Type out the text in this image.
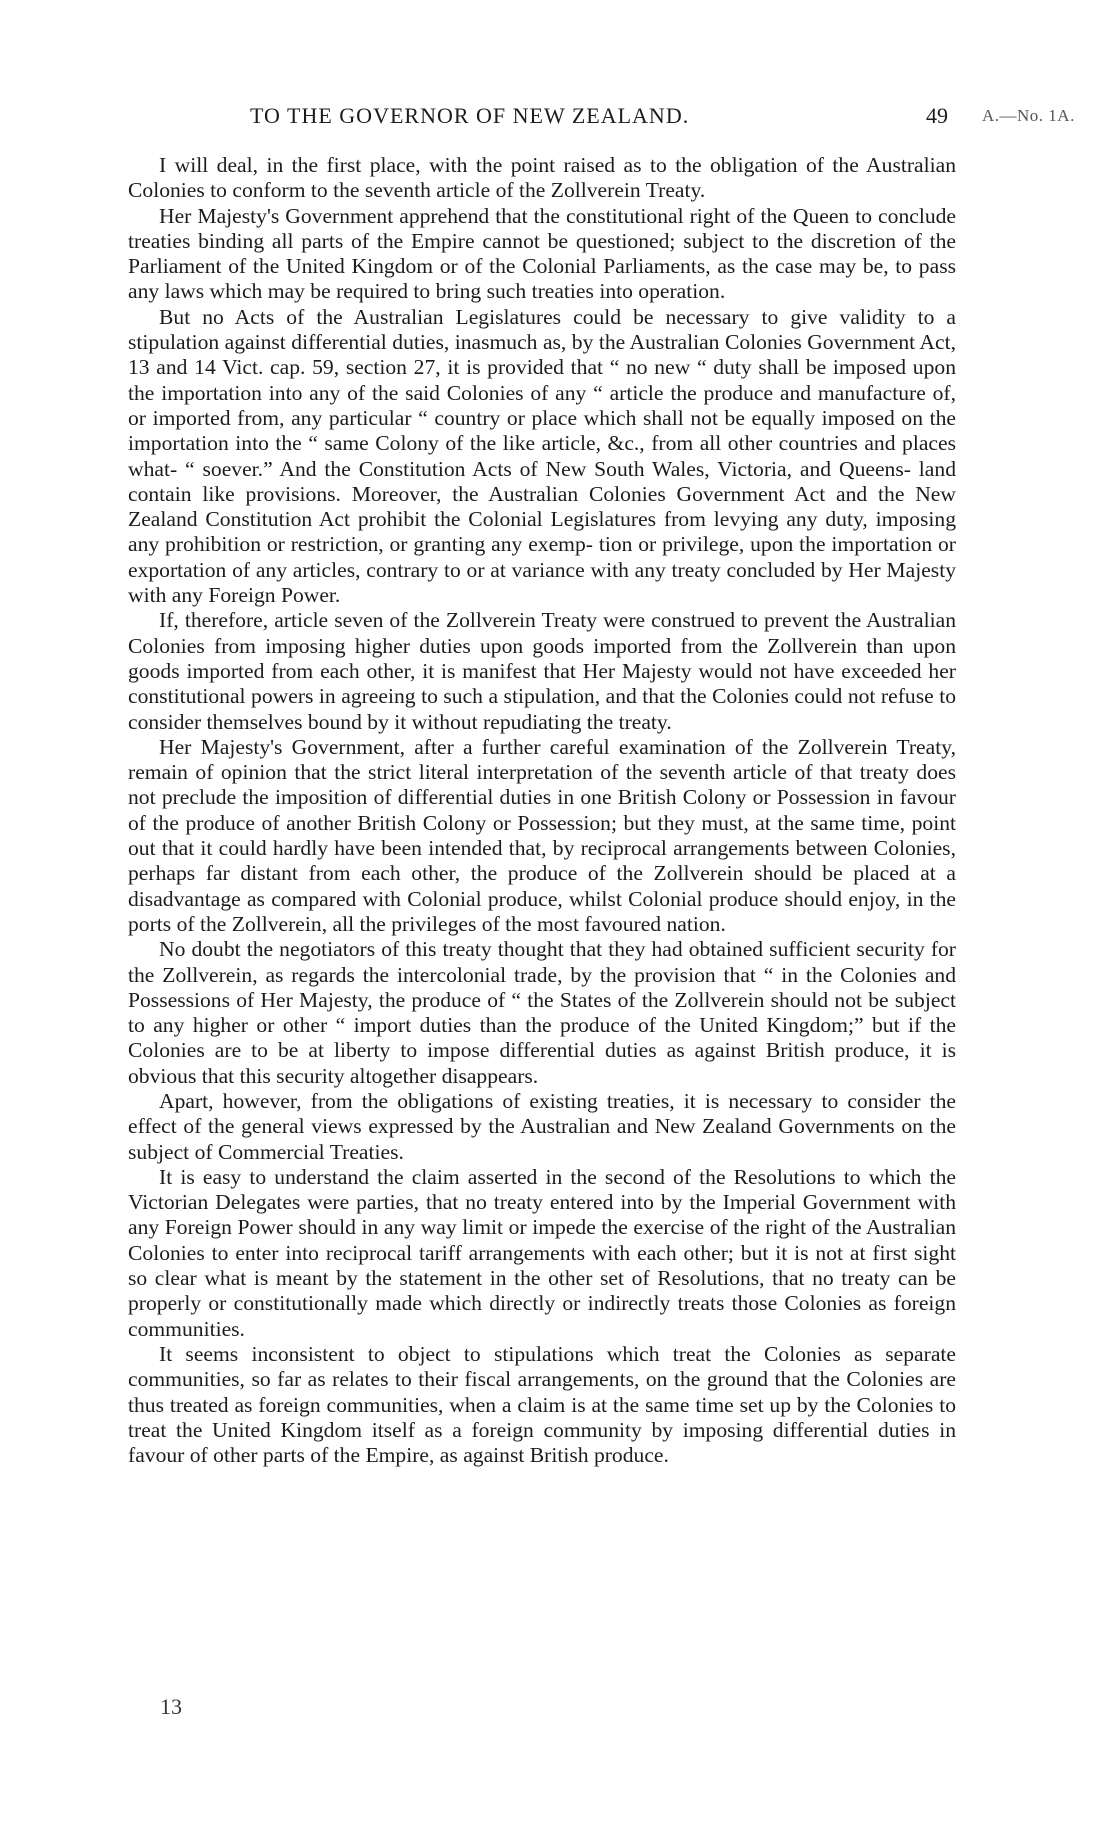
TO THE GOVERNOR OF NEW ZEALAND.	49 A.—No. 1A.

I will deal, in the first place, with the point raised as to the obligation of the Australian Colonies to conform to the seventh article of the Zollverein Treaty.

Her Majesty's Government apprehend that the constitutional right of the Queen to conclude treaties binding all parts of the Empire cannot be questioned; subject to the discretion of the Parliament of the United Kingdom or of the Colonial Parliaments, as the case may be, to pass any laws which may be required to bring such treaties into operation.

But no Acts of the Australian Legislatures could be necessary to give validity to a stipulation against differential duties, inasmuch as, by the Australian Colonies Government Act, 13 and 14 Vict. cap. 59, section 27, it is provided that “ no new “ duty shall be imposed upon the importation into any of the said Colonies of any “ article the produce and manufacture of, or imported from, any particular “ country or place which shall not be equally imposed on the importation into the “ same Colony of the like article, &c., from all other countries and places what- “ soever.” And the Constitution Acts of New South Wales, Victoria, and Queens- land contain like provisions. Moreover, the Australian Colonies Government Act and the New Zealand Constitution Act prohibit the Colonial Legislatures from levying any duty, imposing any prohibition or restriction, or granting any exemp- tion or privilege, upon the importation or exportation of any articles, contrary to or at variance with any treaty concluded by Her Majesty with any Foreign Power.

If, therefore, article seven of the Zollverein Treaty were construed to prevent the Australian Colonies from imposing higher duties upon goods imported from the Zollverein than upon goods imported from each other, it is manifest that Her Majesty would not have exceeded her constitutional powers in agreeing to such a stipulation, and that the Colonies could not refuse to consider themselves bound by it without repudiating the treaty.

Her Majesty's Government, after a further careful examination of the Zollverein Treaty, remain of opinion that the strict literal interpretation of the seventh article of that treaty does not preclude the imposition of differential duties in one British Colony or Possession in favour of the produce of another British Colony or Possession; but they must, at the same time, point out that it could hardly have been intended that, by reciprocal arrangements between Colonies, perhaps far distant from each other, the produce of the Zollverein should be placed at a disadvantage as compared with Colonial produce, whilst Colonial produce should enjoy, in the ports of the Zollverein, all the privileges of the most favoured nation.

No doubt the negotiators of this treaty thought that they had obtained sufficient security for the Zollverein, as regards the intercolonial trade, by the provision that “ in the Colonies and Possessions of Her Majesty, the produce of “ the States of the Zollverein should not be subject to any higher or other “ import duties than the produce of the United Kingdom;” but if the Colonies are to be at liberty to impose differential duties as against British produce, it is obvious that this security altogether disappears.

Apart, however, from the obligations of existing treaties, it is necessary to consider the effect of the general views expressed by the Australian and New Zealand Governments on the subject of Commercial Treaties.

It is easy to understand the claim asserted in the second of the Resolutions to which the Victorian Delegates were parties, that no treaty entered into by the Imperial Government with any Foreign Power should in any way limit or impede the exercise of the right of the Australian Colonies to enter into reciprocal tariff arrangements with each other; but it is not at first sight so clear what is meant by the statement in the other set of Resolutions, that no treaty can be properly or constitutionally made which directly or indirectly treats those Colonies as foreign communities.

It seems inconsistent to object to stipulations which treat the Colonies as separate communities, so far as relates to their fiscal arrangements, on the ground that the Colonies are thus treated as foreign communities, when a claim is at the same time set up by the Colonies to treat the United Kingdom itself as a foreign community by imposing differential duties in favour of other parts of the Empire, as against British produce.

13
